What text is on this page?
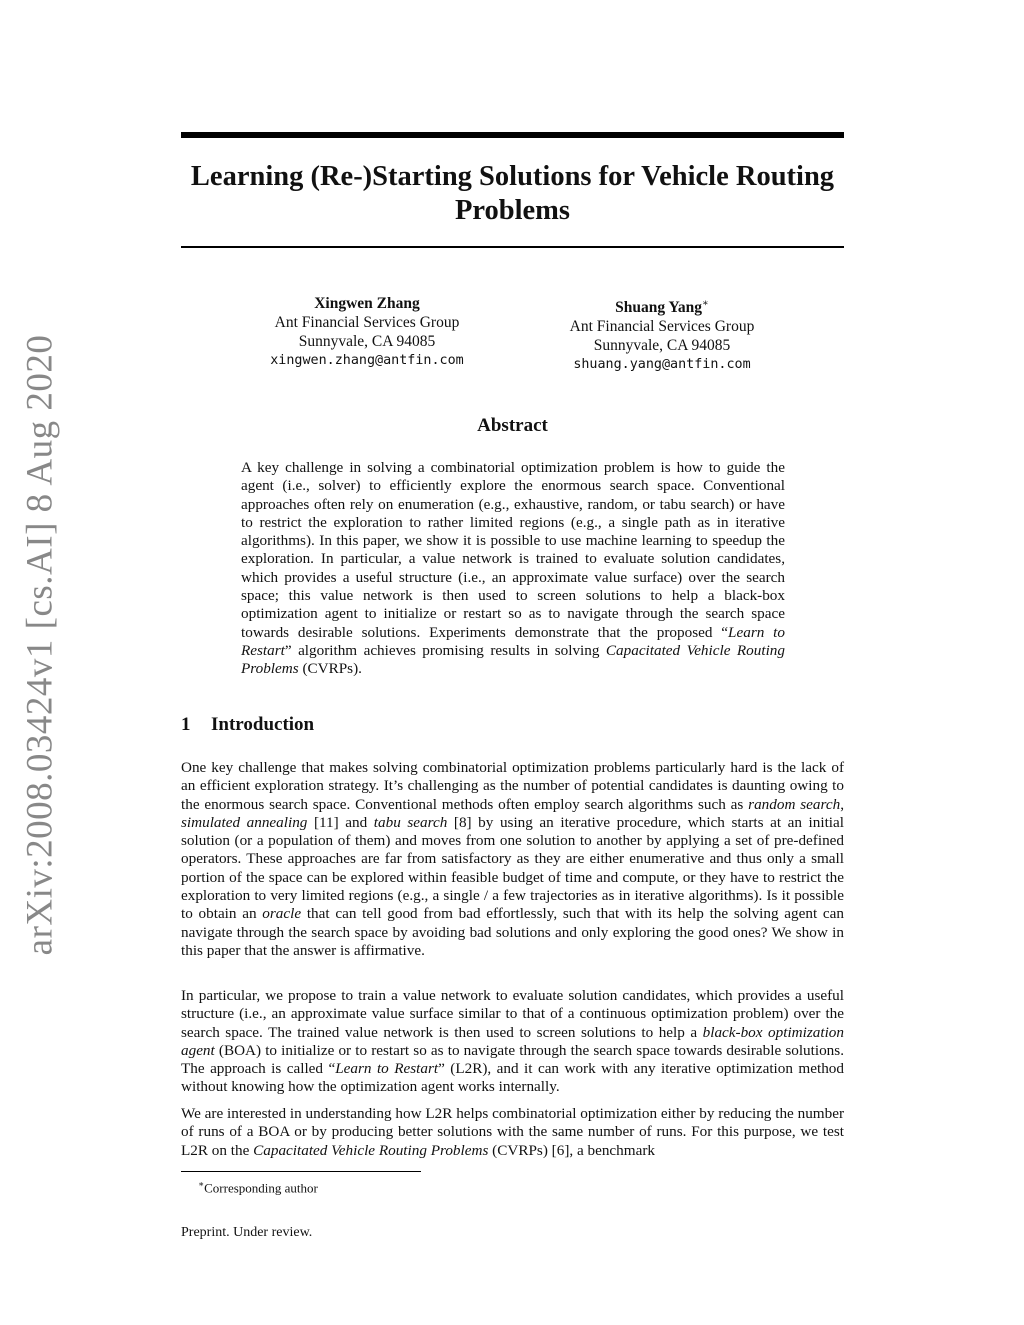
arXiv:2008.03424v1 [cs.AI] 8 Aug 2020
Learning (Re-)Starting Solutions for Vehicle Routing Problems
Xingwen Zhang
Ant Financial Services Group
Sunnyvale, CA 94085
xingwen.zhang@antfin.com
Shuang Yang∗
Ant Financial Services Group
Sunnyvale, CA 94085
shuang.yang@antfin.com
Abstract

A key challenge in solving a combinatorial optimization problem is how to guide the agent (i.e., solver) to efficiently explore the enormous search space. Conventional approaches often rely on enumeration (e.g., exhaustive, random, or tabu search) or have to restrict the exploration to rather limited regions (e.g., a single path as in iterative algorithms). In this paper, we show it is possible to use machine learning to speedup the exploration. In particular, a value network is trained to evaluate solution candidates, which provides a useful structure (i.e., an approximate value surface) over the search space; this value network is then used to screen solutions to help a black-box optimization agent to initialize or restart so as to navigate through the search space towards desirable solutions. Experiments demonstrate that the proposed “Learn to Restart” algorithm achieves promising results in solving Capacitated Vehicle Routing Problems (CVRPs).

1 Introduction

One key challenge that makes solving combinatorial optimization problems particularly hard is the lack of an efficient exploration strategy. It’s challenging as the number of potential candidates is daunting owing to the enormous search space. Conventional methods often employ search algorithms such as random search, simulated annealing [11] and tabu search [8] by using an iterative procedure, which starts at an initial solution (or a population of them) and moves from one solution to another by applying a set of pre-defined operators. These approaches are far from satisfactory as they are either enumerative and thus only a small portion of the space can be explored within feasible budget of time and compute, or they have to restrict the exploration to very limited regions (e.g., a single / a few trajectories as in iterative algorithms). Is it possible to obtain an oracle that can tell good from bad effortlessly, such that with its help the solving agent can navigate through the search space by avoiding bad solutions and only exploring the good ones? We show in this paper that the answer is affirmative.

In particular, we propose to train a value network to evaluate solution candidates, which provides a useful structure (i.e., an approximate value surface similar to that of a continuous optimization problem) over the search space. The trained value network is then used to screen solutions to help a black-box optimization agent (BOA) to initialize or to restart so as to navigate through the search space towards desirable solutions. The approach is called “Learn to Restart” (L2R), and it can work with any iterative optimization method without knowing how the optimization agent works internally.

We are interested in understanding how L2R helps combinatorial optimization either by reducing the number of runs of a BOA or by producing better solutions with the same number of runs. For this purpose, we test L2R on the Capacitated Vehicle Routing Problems (CVRPs) [6], a benchmark

∗Corresponding author

Preprint. Under review.
